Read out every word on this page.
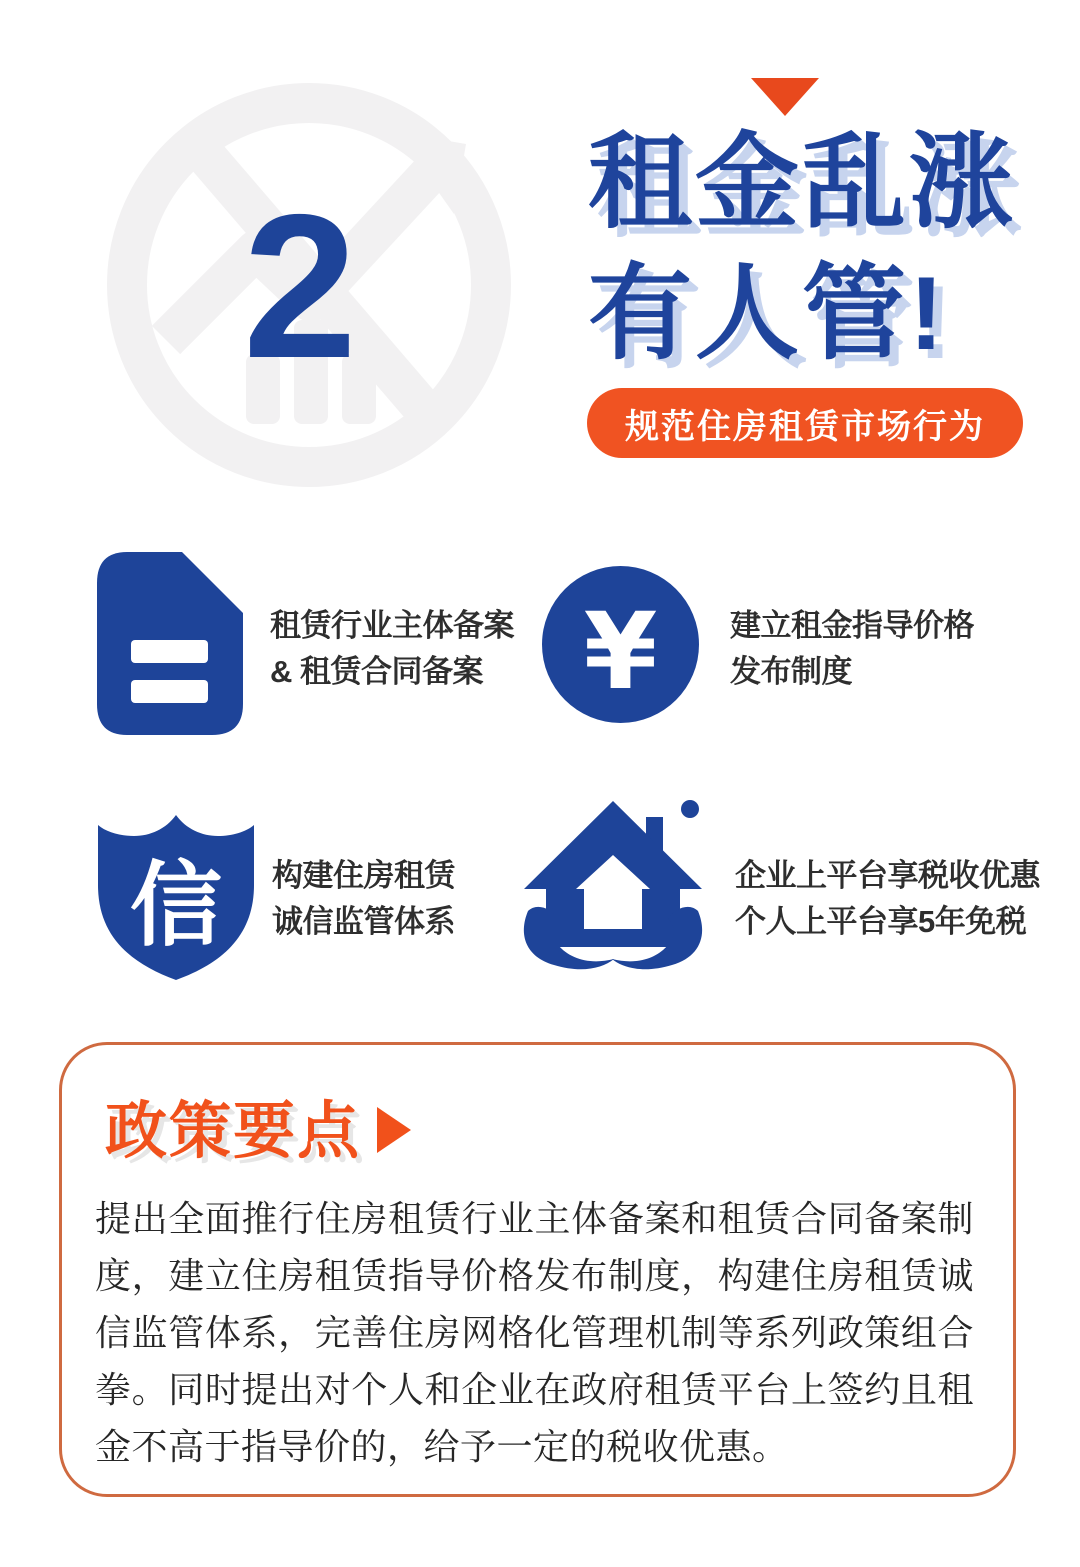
2	租金乱涨
有人管!
规范住房租赁市场行为
租赁行业主体备案
& 租赁合同备案 ¥ 建立租金指导价格
发布制度
信 构建住房租赁
诚信监管体系
企业上平台享税收优惠
个人上平台享5年免税
政策要点
提出全面推行住房租赁行业主体备案和租赁合同备案制度，建立住房租赁指导价格发布制度，构建住房租赁诚信监管体系，完善住房网格化管理机制等系列政策组合拳。同时提出对个人和企业在政府租赁平台上签约且租金不高于指导价的，给予一定的税收优惠。
